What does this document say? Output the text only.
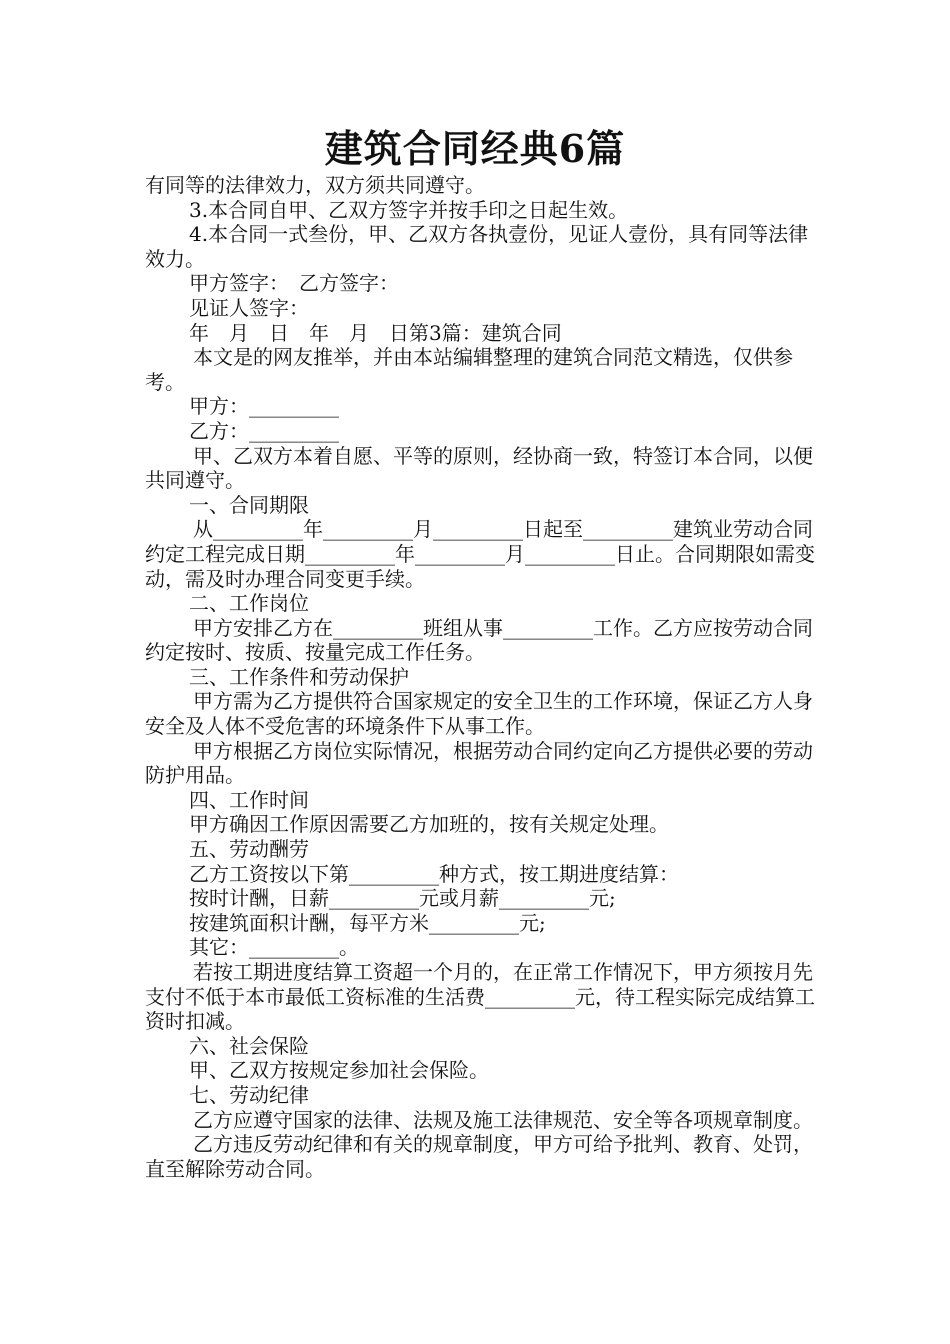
建筑合同经典6篇

有同等的法律效力，双方须共同遵守。

3.本合同自甲、乙双方签字并按手印之日起生效。

4.本合同一式叁份，甲、乙双方各执壹份，见证人壹份，具有同等法律效力。

甲方签字：　乙方签字：

见证人签字：

年　月　日　年　月　日第3篇：建筑合同

本文是的网友推举，并由本站编辑整理的建筑合同范文精选，仅供参考。

甲方：_________

乙方：_________

甲、乙双方本着自愿、平等的原则，经协商一致，特签订本合同，以便共同遵守。

一、合同期限

从_________年_________月_________日起至_________建筑业劳动合同约定工程完成日期_________年_________月_________日止。合同期限如需变动，需及时办理合同变更手续。

二、工作岗位

甲方安排乙方在_________班组从事_________工作。乙方应按劳动合同约定按时、按质、按量完成工作任务。

三、工作条件和劳动保护

甲方需为乙方提供符合国家规定的安全卫生的工作环境，保证乙方人身安全及人体不受危害的环境条件下从事工作。

甲方根据乙方岗位实际情况，根据劳动合同约定向乙方提供必要的劳动防护用品。

四、工作时间

甲方确因工作原因需要乙方加班的，按有关规定处理。

五、劳动酬劳

乙方工资按以下第_________种方式，按工期进度结算：

按时计酬，日薪_________元或月薪_________元;

按建筑面积计酬，每平方米_________元;

其它：_________。

若按工期进度结算工资超一个月的，在正常工作情况下，甲方须按月先支付不低于本市最低工资标准的生活费_________元，待工程实际完成结算工资时扣减。

六、社会保险

甲、乙双方按规定参加社会保险。

七、劳动纪律

乙方应遵守国家的法律、法规及施工法律规范、安全等各项规章制度。

乙方违反劳动纪律和有关的规章制度，甲方可给予批判、教育、处罚，直至解除劳动合同。
